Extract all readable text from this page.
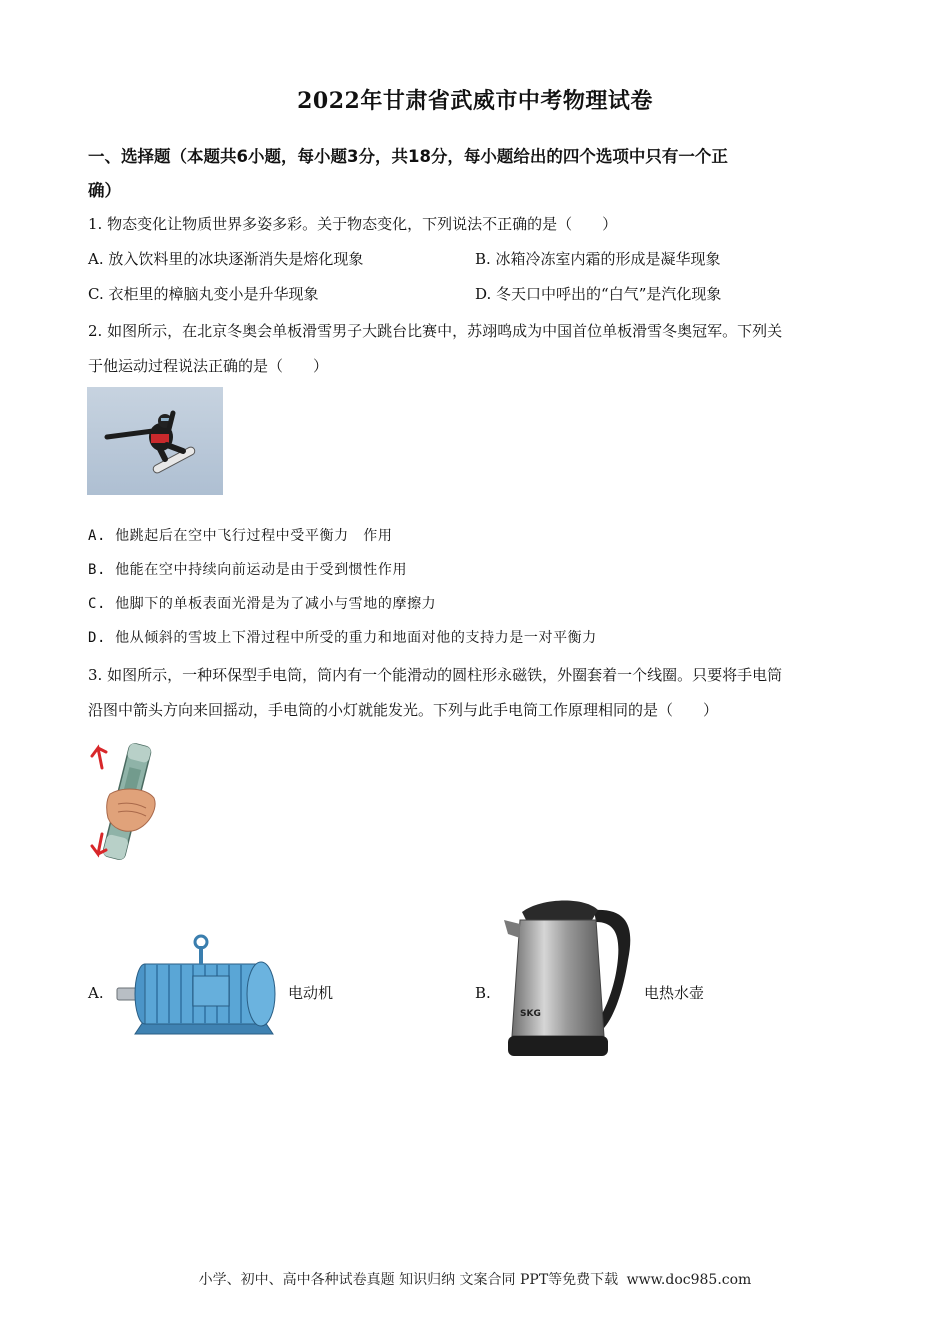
2022年甘肃省武威市中考物理试卷
一、选择题（本题共6小题，每小题3分，共18分，每小题给出的四个选项中只有一个正
确）
1. 物态变化让物质世界多姿多彩。关于物态变化，下列说法不正确的是（　　）
A. 放入饮料里的冰块逐渐消失是熔化现象	B. 冰箱冷冻室内霜的形成是凝华现象
C. 衣柜里的樟脑丸变小是升华现象	D. 冬天口中呼出的“白气”是汽化现象
2. 如图所示，在北京冬奥会单板滑雪男子大跳台比赛中，苏翊鸣成为中国首位单板滑雪冬奥冠军。下列关
于他运动过程说法正确的是（　　）
A. 他跳起后在空中飞行过程中受平衡力　作用
B. 他能在空中持续向前运动是由于受到惯性作用
C. 他脚下的单板表面光滑是为了减小与雪地的摩擦力
D. 他从倾斜的雪坡上下滑过程中所受的重力和地面对他的支持力是一对平衡力
3. 如图所示，一种环保型手电筒，筒内有一个能滑动的圆柱形永磁铁，外圈套着一个线圈。只要将手电筒
沿图中箭头方向来回摇动，手电筒的小灯就能发光。下列与此手电筒工作原理相同的是（　　）
A.	电动机	B.
SKG
电热水壶
小学、初中、高中各种试卷真题 知识归纳 文案合同 PPT等免费下载 www.doc985.com
